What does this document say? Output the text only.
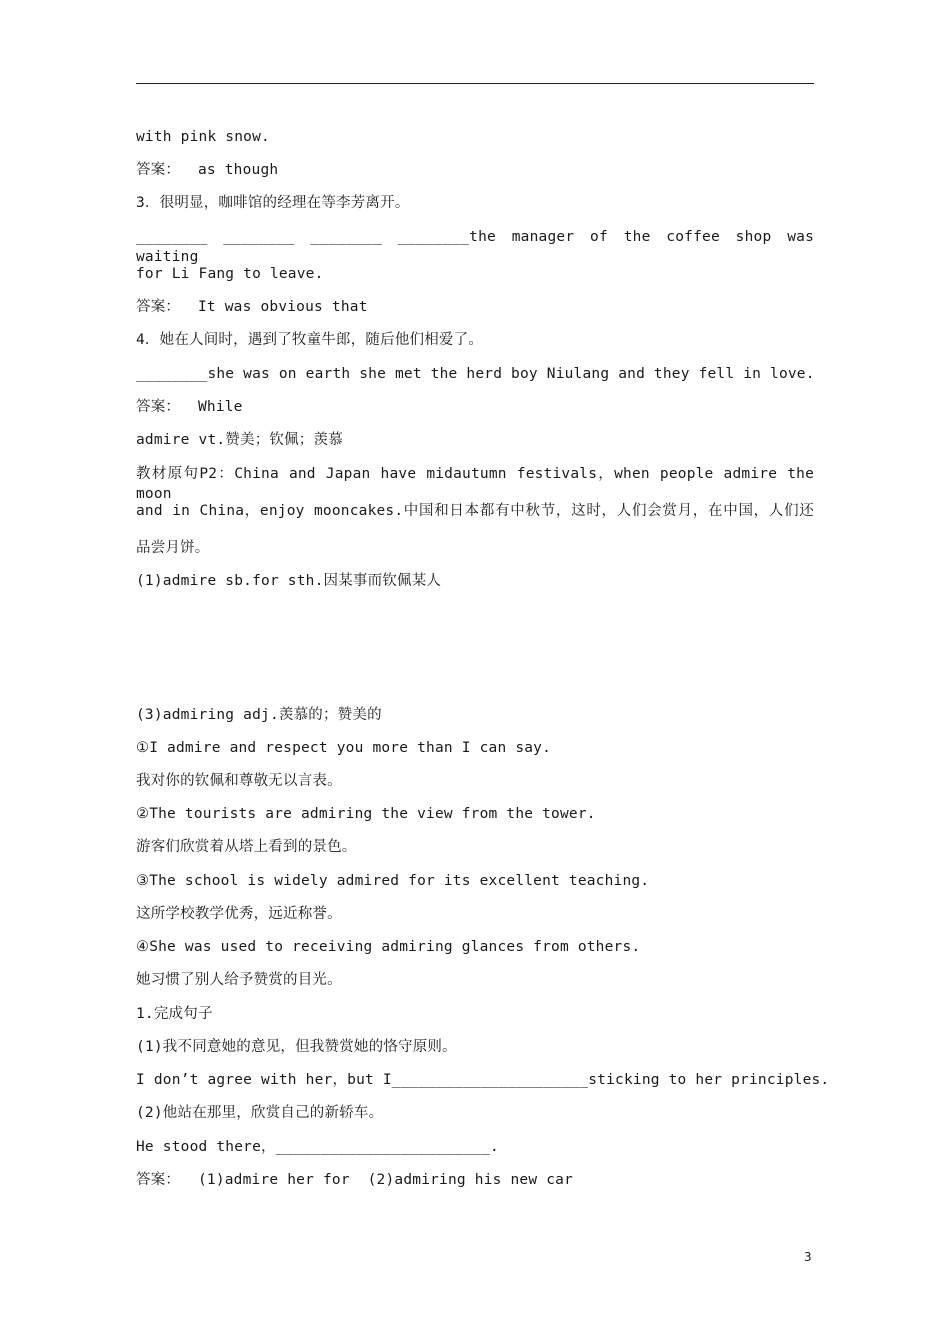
with pink snow.
答案：  as though
3．很明显，咖啡馆的经理在等李芳离开。
________ ________ ________ ________the manager of the coffee shop was waiting
for Li Fang to leave.
答案：  It was obvious that
4．她在人间时，遇到了牧童牛郎，随后他们相爱了。
________she was on earth she met the herd boy Niulang and they fell in love.
答案：  While
admire vt.赞美；钦佩；羡慕
教材原句P2：China and Japan have midautumn festivals，when people admire the moon
and in China，enjoy mooncakes.中国和日本都有中秋节，这时，人们会赏月，在中国，人们还
品尝月饼。
(1)admire sb.for sth.因某事而钦佩某人
(3)admiring adj.羡慕的；赞美的
①I admire and respect you more than I can say.
我对你的钦佩和尊敬无以言表。
②The tourists are admiring the view from the tower.
游客们欣赏着从塔上看到的景色。
③The school is widely admired for its excellent teaching.
这所学校教学优秀，远近称誉。
④She was used to receiving admiring glances from others.
她习惯了别人给予赞赏的目光。
1.完成句子
(1)我不同意她的意见，但我赞赏她的恪守原则。
I don’t agree with her，but I______________________sticking to her principles.
(2)他站在那里，欣赏自己的新轿车。
He stood there，________________________.
答案：  (1)admire her for  (2)admiring his new car
3
